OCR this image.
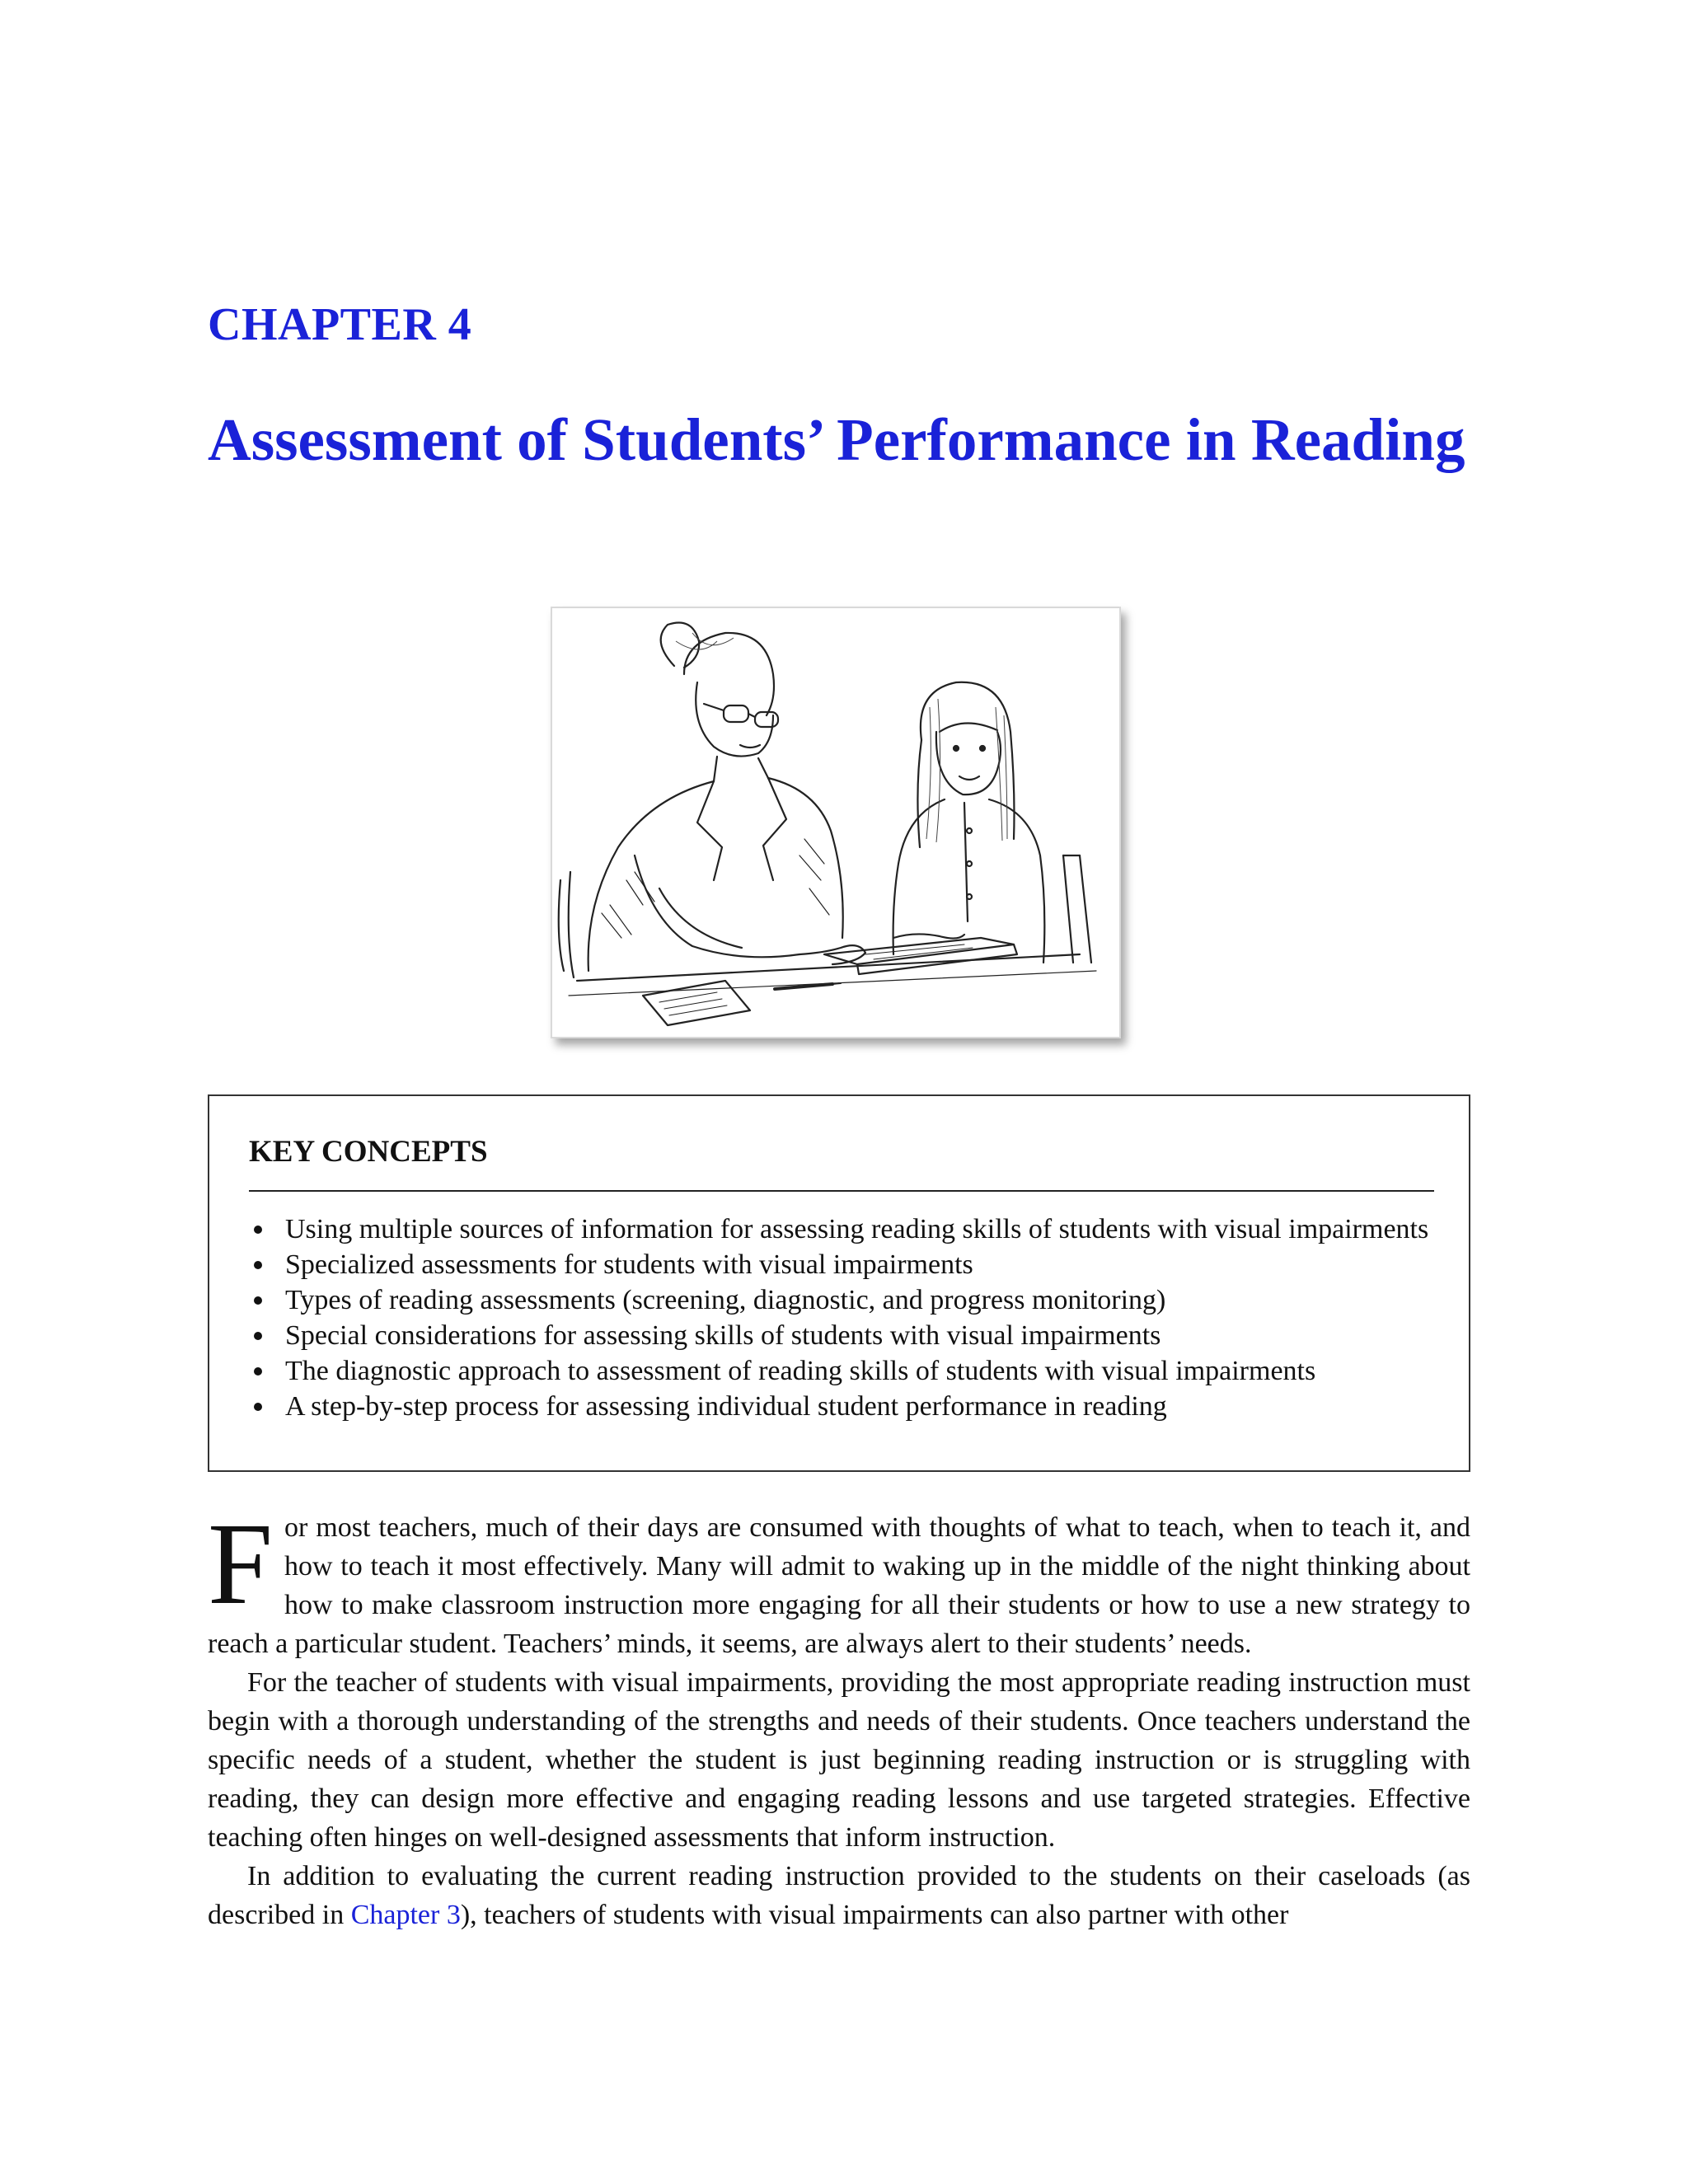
CHAPTER 4
Assessment of Students’ Performance in Reading
KEY CONCEPTS
Using multiple sources of information for assessing reading skills of students with visual impairments
Specialized assessments for students with visual impairments
Types of reading assessments (screening, diagnostic, and progress monitoring)
Special considerations for assessing skills of students with visual impairments
The diagnostic approach to assessment of reading skills of students with visual impairments
A step-by-step process for assessing individual student performance in reading

For most teachers, much of their days are consumed with thoughts of what to teach, when to teach it, and how to teach it most effectively. Many will admit to waking up in the middle of the night thinking about how to make classroom instruction more engaging for all their students or how to use a new strategy to reach a particular student. Teachers’ minds, it seems, are always alert to their students’ needs.

For the teacher of students with visual impairments, providing the most appropriate reading instruction must begin with a thorough understanding of the strengths and needs of their students. Once teachers understand the specific needs of a student, whether the student is just beginning reading instruction or is struggling with reading, they can design more effective and engaging reading lessons and use targeted strategies. Effective teaching often hinges on well-designed assessments that inform instruction.

In addition to evaluating the current reading instruction provided to the students on their caseloads (as described in Chapter 3), teachers of students with visual impairments can also partner with other
